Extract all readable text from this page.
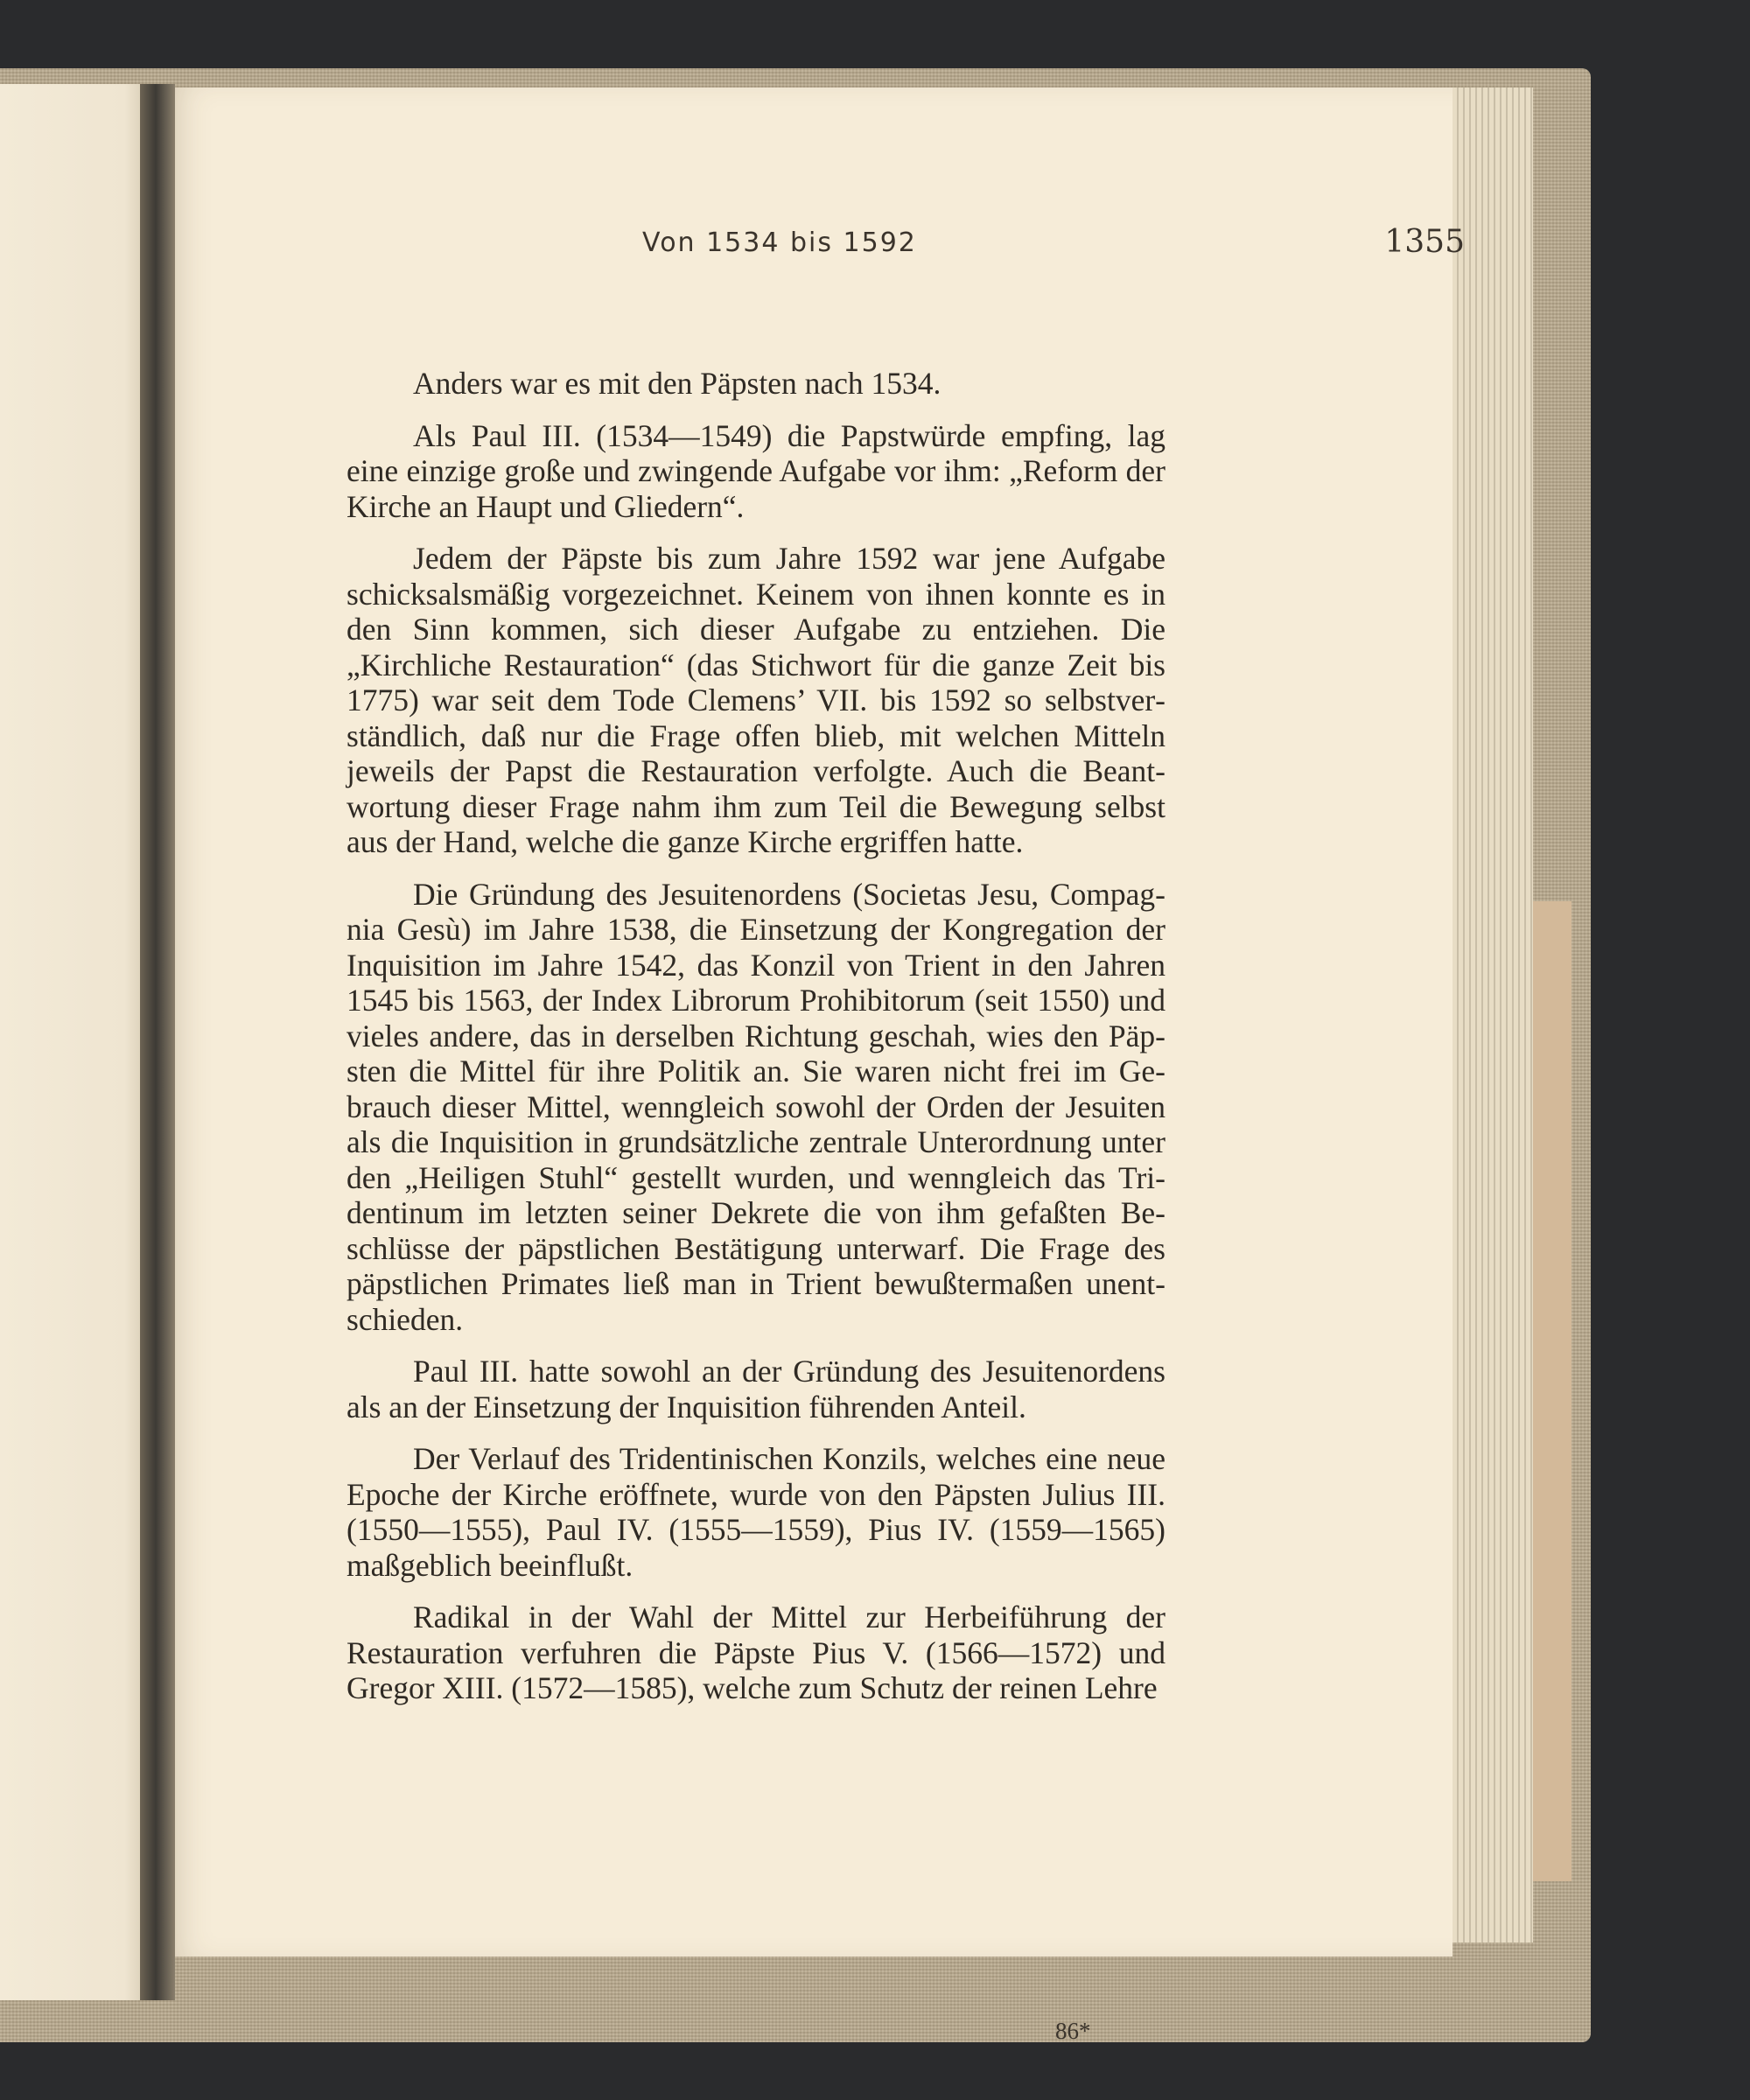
Von 1534 bis 1592	1355

Anders war es mit den Päpsten nach 1534.

Als Paul III. (1534—1549) die Papstwürde empfing, lag eine einzige große und zwingende Aufgabe vor ihm: „Reform der Kirche an Haupt und Gliedern“.

Jedem der Päpste bis zum Jahre 1592 war jene Aufgabe schicksalsmäßig vorgezeichnet. Keinem von ihnen konnte es in den Sinn kommen, sich dieser Aufgabe zu entziehen. Die „Kirchliche Restauration“ (das Stichwort für die ganze Zeit bis 1775) war seit dem Tode Clemens’ VII. bis 1592 so selbstverständlich, daß nur die Frage offen blieb, mit welchen Mitteln jeweils der Papst die Restauration verfolgte. Auch die Beantwortung dieser Frage nahm ihm zum Teil die Bewegung selbst aus der Hand, welche die ganze Kirche ergriffen hatte.

Die Gründung des Jesuitenordens (Societas Jesu, Compagnia Gesù) im Jahre 1538, die Einsetzung der Kongregation der Inquisition im Jahre 1542, das Konzil von Trient in den Jahren 1545 bis 1563, der Index Librorum Prohibitorum (seit 1550) und vieles andere, das in derselben Richtung geschah, wies den Päpsten die Mittel für ihre Politik an. Sie waren nicht frei im Gebrauch dieser Mittel, wenngleich sowohl der Orden der Jesuiten als die Inquisition in grundsätzliche zentrale Unterordnung unter den „Heiligen Stuhl“ gestellt wurden, und wenngleich das Tridentinum im letzten seiner Dekrete die von ihm gefaßten Beschlüsse der päpstlichen Bestätigung unterwarf. Die Frage des päpstlichen Primates ließ man in Trient bewußtermaßen unentschieden.

Paul III. hatte sowohl an der Gründung des Jesuitenordens als an der Einsetzung der Inquisition führenden Anteil.

Der Verlauf des Tridentinischen Konzils, welches eine neue Epoche der Kirche eröffnete, wurde von den Päpsten Julius III. (1550—1555), Paul IV. (1555—1559), Pius IV. (1559—1565) maßgeblich beeinflußt.

Radikal in der Wahl der Mittel zur Herbeiführung der Restauration verfuhren die Päpste Pius V. (1566—1572) und Gregor XIII. (1572—1585), welche zum Schutz der reinen Lehre

86*
